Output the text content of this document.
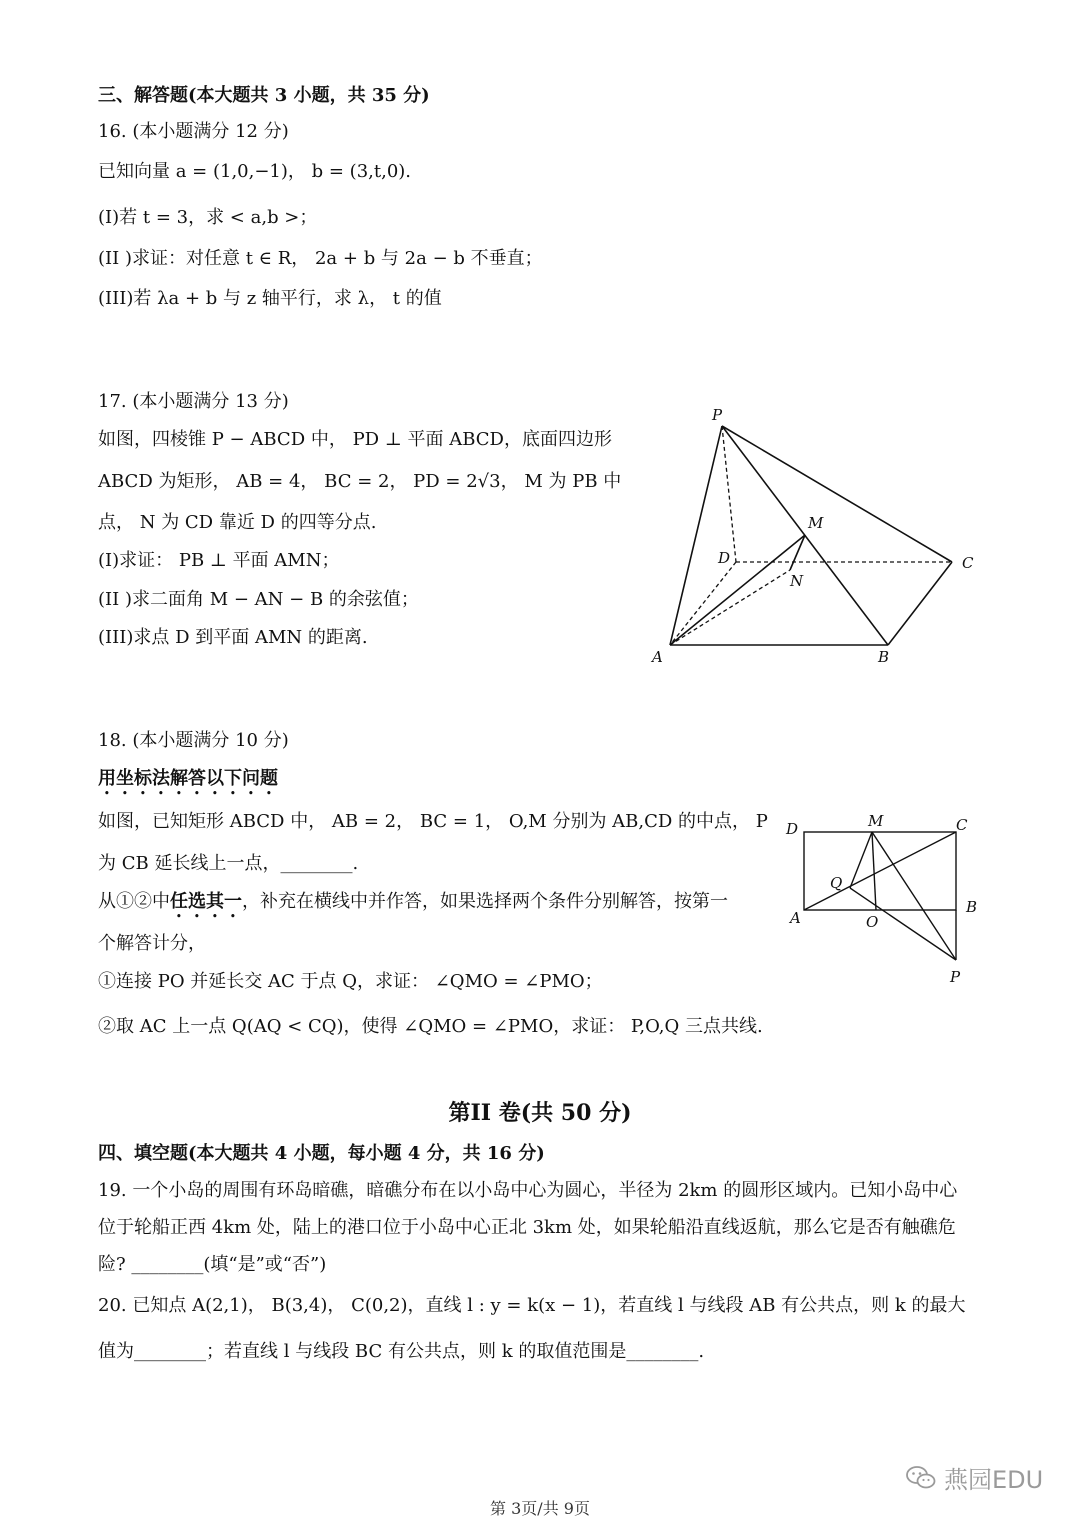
三、解答题(本大题共 3 小题，共 35 分)
16. (本小题满分 12 分)
已知向量 a = (1,0,−1)， b = (3,t,0).
(I)若 t = 3，求 < a,b >；
(II )求证：对任意 t ∈ R， 2a + b 与 2a − b 不垂直；
(III)若 λa + b 与 z 轴平行，求 λ， t 的值
17. (本小题满分 13 分)
如图，四棱锥 P − ABCD 中， PD ⊥ 平面 ABCD，底面四边形
ABCD 为矩形， AB = 4， BC = 2， PD = 2√3， M 为 PB 中
点， N 为 CD 靠近 D 的四等分点.
(I)求证： PB ⊥ 平面 AMN；
(II )求二面角 M − AN − B 的余弦值；
(III)求点 D 到平面 AMN 的距离.
P
M
D
N
C
A	B
18. (本小题满分 10 分)
用坐标法解答以下问题
如图，已知矩形 ABCD 中， AB = 2， BC = 1， O,M 分别为 AB,CD 的中点， P
为 CB 延长线上一点，________.
从①②中任选其一，补充在横线中并作答，如果选择两个条件分别解答，按第一
个解答计分，
①连接 PO 并延长交 AC 于点 Q，求证： ∠QMO = ∠PMO；
②取 AC 上一点 Q(AQ < CQ)，使得 ∠QMO = ∠PMO，求证： P,O,Q 三点共线.
D	M	C
Q
A	O
B
P
第II 卷(共 50 分)
四、填空题(本大题共 4 小题，每小题 4 分，共 16 分)
19. 一个小岛的周围有环岛暗礁，暗礁分布在以小岛中心为圆心，半径为 2km 的圆形区域内。已知小岛中心
位于轮船正西 4km 处，陆上的港口位于小岛中心正北 3km 处，如果轮船沿直线返航，那么它是否有触礁危
险? ________(填“是”或“否”)
20. 已知点 A(2,1)， B(3,4)， C(0,2)，直线 l : y = k(x − 1)，若直线 l 与线段 AB 有公共点，则 k 的最大
值为________；若直线 l 与线段 BC 有公共点，则 k 的取值范围是________.
燕园EDU
第 3页/共 9页
